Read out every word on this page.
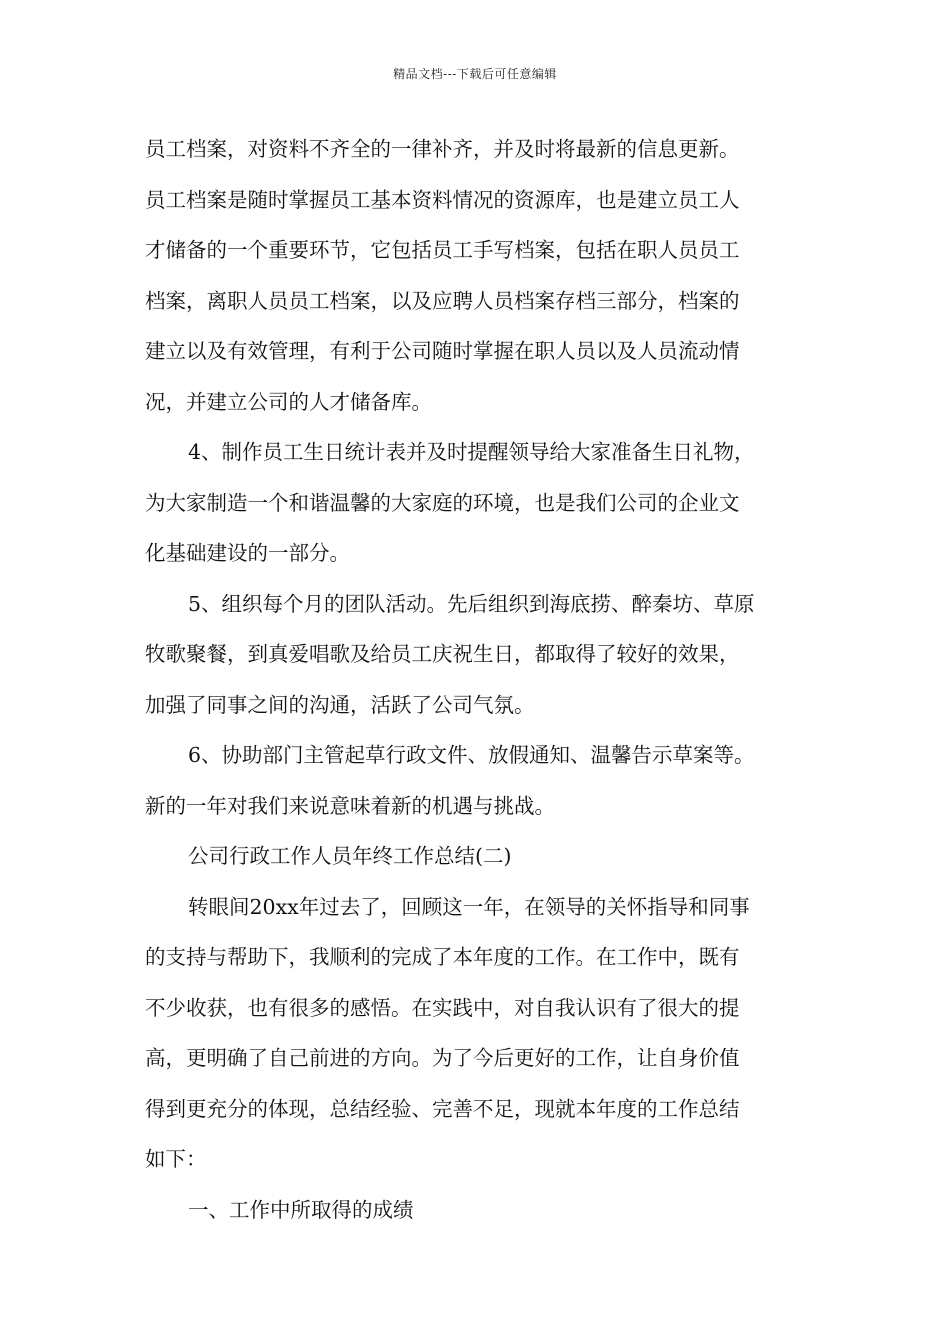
精品文档---下载后可任意编辑

员工档案，对资料不齐全的一律补齐，并及时将最新的信息更新。

员工档案是随时掌握员工基本资料情况的资源库，也是建立员工人

才储备的一个重要环节，它包括员工手写档案，包括在职人员员工

档案，离职人员员工档案，以及应聘人员档案存档三部分，档案的

建立以及有效管理，有利于公司随时掌握在职人员以及人员流动情

况，并建立公司的人才储备库。

4、制作员工生日统计表并及时提醒领导给大家准备生日礼物，

为大家制造一个和谐温馨的大家庭的环境，也是我们公司的企业文

化基础建设的一部分。

5、组织每个月的团队活动。先后组织到海底捞、醉秦坊、草原

牧歌聚餐，到真爱唱歌及给员工庆祝生日，都取得了较好的效果，

加强了同事之间的沟通，活跃了公司气氛。

6、协助部门主管起草行政文件、放假通知、温馨告示草案等。

新的一年对我们来说意味着新的机遇与挑战。

公司行政工作人员年终工作总结(二)

转眼间20xx年过去了，回顾这一年，在领导的关怀指导和同事

的支持与帮助下，我顺利的完成了本年度的工作。在工作中，既有

不少收获，也有很多的感悟。在实践中，对自我认识有了很大的提

高，更明确了自己前进的方向。为了今后更好的工作，让自身价值

得到更充分的体现，总结经验、完善不足，现就本年度的工作总结

如下：

一、工作中所取得的成绩
